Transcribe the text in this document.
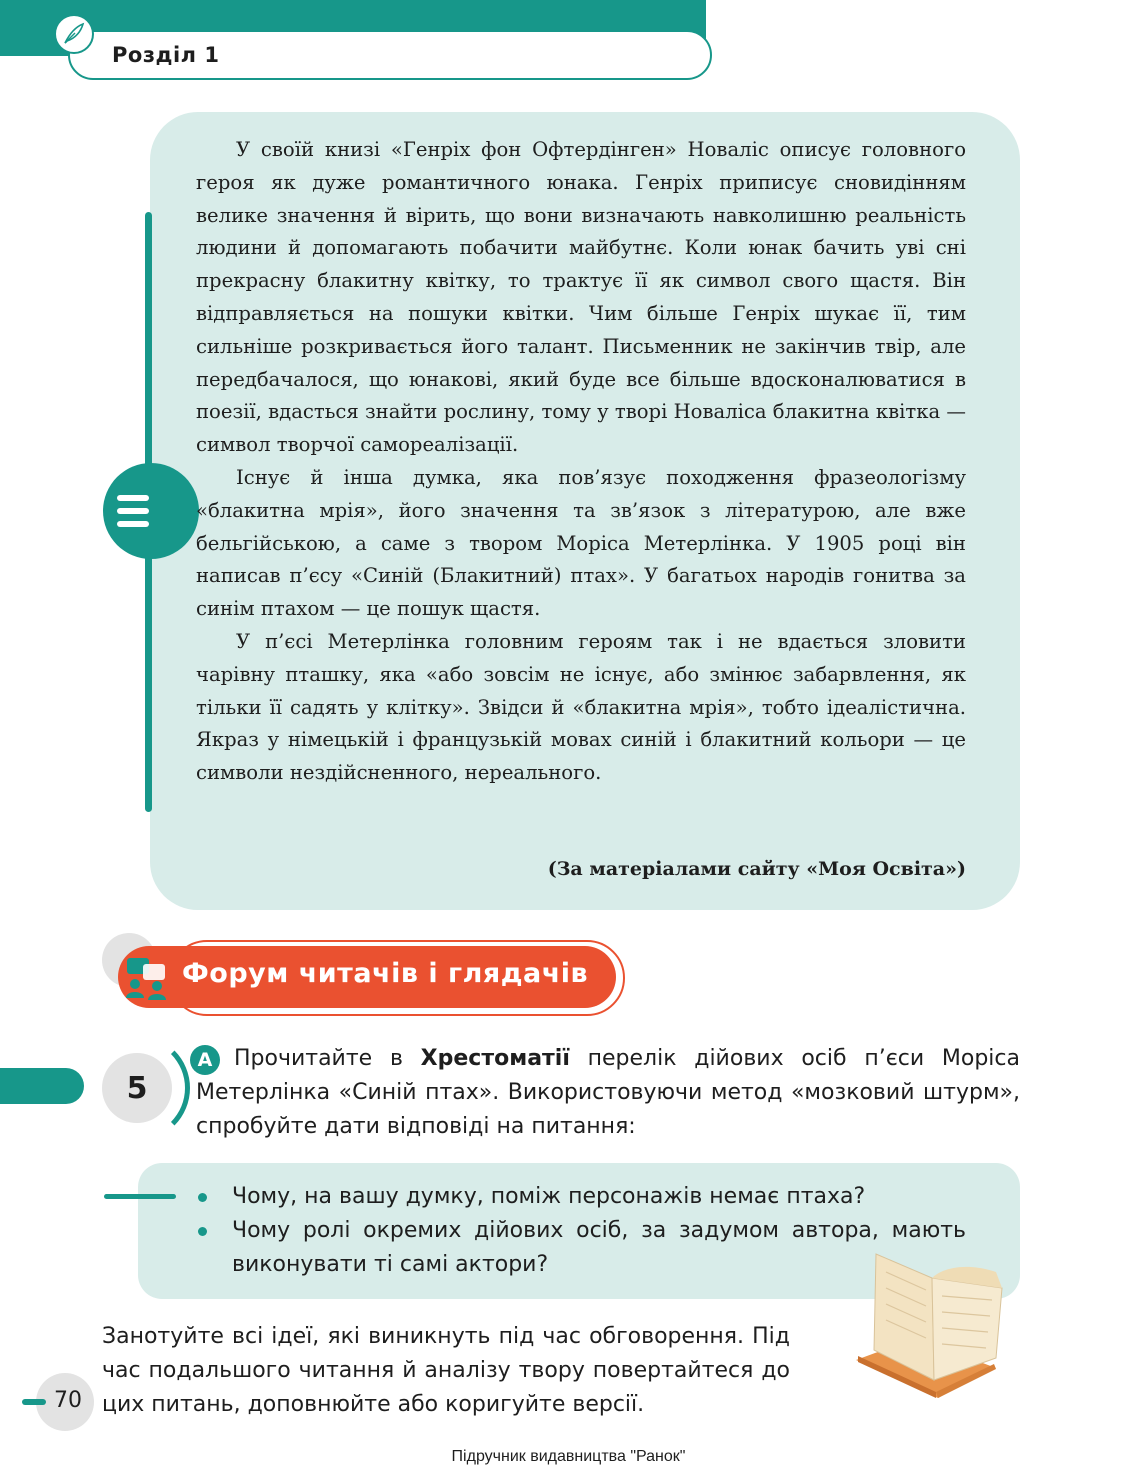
Розділ 1

У своїй книзі «Генріх фон Офтердінген» Новаліс описує головного героя як дуже романтичного юнака. Генріх приписує сновидінням велике значення й вірить, що вони визначають навколишню реальність людини й допомагають побачити майбутнє. Коли юнак бачить уві сні прекрасну блакитну квітку, то трактує її як символ свого щастя. Він відправляється на пошуки квітки. Чим більше Генріх шукає її, тим сильніше розкривається його талант. Письменник не закінчив твір, але передбачалося, що юнакові, який буде все більше вдосконалюватися в поезії, вдасться знайти рослину, тому у творі Новаліса блакитна квітка — символ творчої самореалізації.

Існує й інша думка, яка пов’язує походження фразеологізму «блакитна мрія», його значення та зв’язок з літературою, але вже бельгійською, а саме з твором Моріса Метерлінка. У 1905 році він написав п’єсу «Синій (Блакитний) птах». У багатьох народів гонитва за синім птахом — це пошук щастя.

У п’єсі Метерлінка головним героям так і не вдається зловити чарівну пташку, яка «або зовсім не існує, або змінює забарвлення, як тільки її садять у клітку». Звідси й «блакитна мрія», тобто ідеалістична. Якраз у німецькій і французькій мовах синій і блакитний кольори — це символи нездійсненного, нереального.

(За матеріалами сайту «Моя Освіта»)
Форум читачів і глядачів
5
А Прочитайте в Хрестоматії перелік дійових осіб п’єси Моріса Метерлінка «Синій птах». Використовуючи метод «мозковий штурм», спробуйте дати відповіді на питання:
Чому, на вашу думку, поміж персонажів немає птаха?
Чому ролі окремих дійових осіб, за задумом автора, мають виконувати ті самі актори?
Занотуйте всі ідеї, які виникнуть під час обговорення. Під час подальшого читання й аналізу твору повертайтеся до цих питань, доповнюйте або коригуйте версії.
70
Підручник видавництва "Ранок"
